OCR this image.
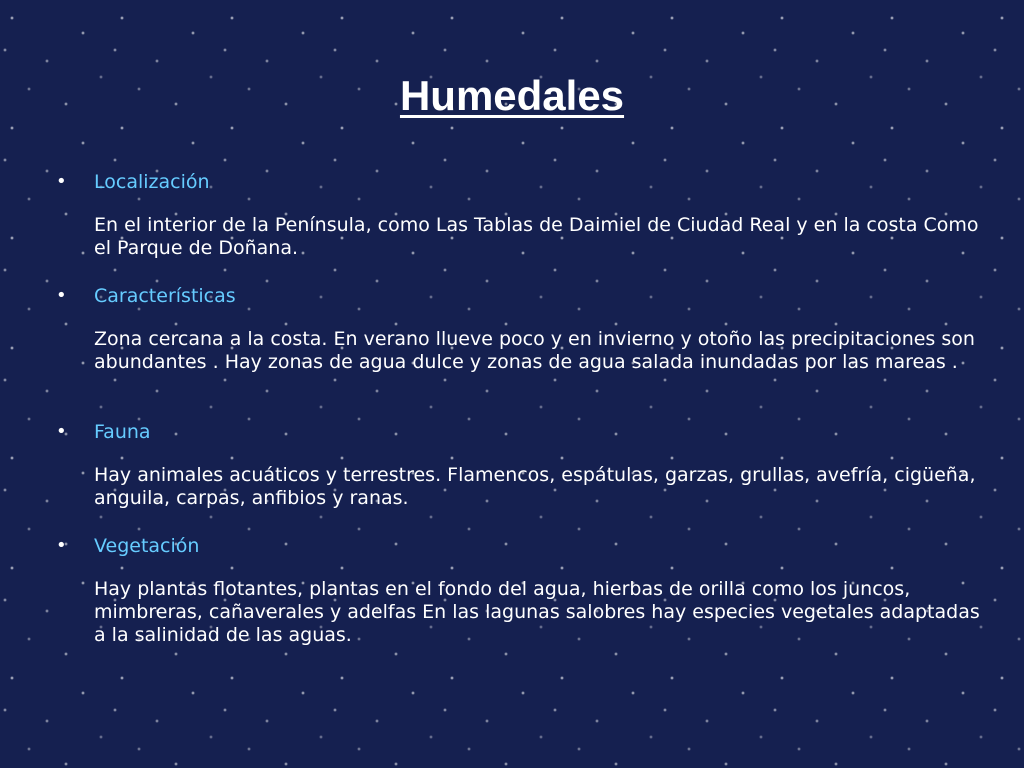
Humedales
• Localización
En el interior de la Península, como Las Tablas de Daimiel de Ciudad Real y en la costa Como el Parque de Doñana.
• Características
Zona cercana a la costa. En verano llueve poco y en invierno y otoño las precipitaciones son abundantes . Hay zonas de agua dulce y zonas de agua salada inundadas por las mareas .
• Fauna
Hay animales acuáticos y terrestres. Flamencos, espátulas, garzas, grullas, avefría, cigüeña, anguila, carpas, anfibios y ranas.
• Vegetación
Hay plantas flotantes, plantas en el fondo del agua, hierbas de orilla como los juncos, mimbreras, cañaverales y adelfas En las lagunas salobres hay especies vegetales adaptadas a la salinidad de las aguas.
